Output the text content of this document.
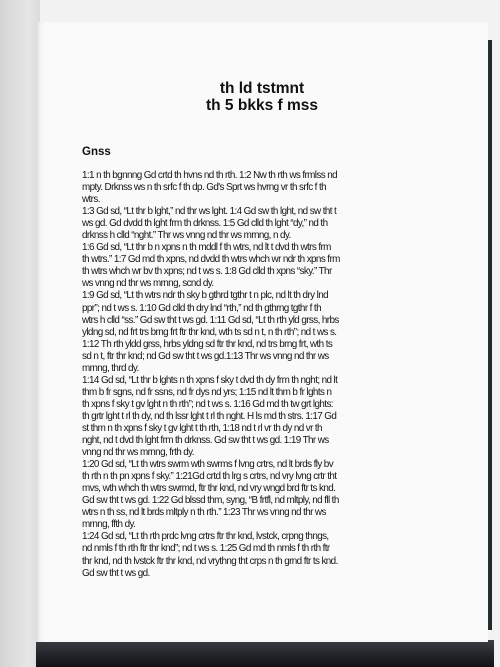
th ld tstmnt
th 5 bkks f mss
Gnss
1:1 n th bgnnng Gd crtd th hvns nd th rth. 1:2 Nw th rth ws frmlss nd
mpty. Drknss ws n th srfc f th dp. Gd's Sprt ws hvrng vr th srfc f th
wtrs.
1:3 Gd sd, “Lt thr b lght,” nd thr ws lght. 1:4 Gd sw th lght, nd sw tht t
ws gd. Gd dvdd th lght frm th drknss. 1:5 Gd clld th lght “dy,” nd th
drknss h clld “nght.” Thr ws vnng nd thr ws mrnng, n dy.
1:6 Gd sd, “Lt thr b n xpns n th mddl f th wtrs, nd lt t dvd th wtrs frm
th wtrs.” 1:7 Gd md th xpns, nd dvdd th wtrs whch wr ndr th xpns frm
th wtrs whch wr bv th xpns; nd t ws s. 1:8 Gd clld th xpns “sky.” Thr
ws vnng nd thr ws mrnng, scnd dy.
1:9 Gd sd, “Lt th wtrs ndr th sky b gthrd tgthr t n plc, nd lt th dry lnd
ppr”; nd t ws s. 1:10 Gd clld th dry lnd “rth,” nd th gthrng tgthr f th
wtrs h clld “ss.” Gd sw tht t ws gd. 1:11 Gd sd, “Lt th rth yld grss, hrbs
yldng sd, nd frt trs brng frt ftr thr knd, wth ts sd n t, n th rth”; nd t ws s.
1:12 Th rth yldd grss, hrbs yldng sd ftr thr knd, nd trs brng frt, wth ts
sd n t, ftr thr knd; nd Gd sw tht t ws gd.1:13 Thr ws vnng nd thr ws
mrnng, thrd dy.
1:14 Gd sd, “Lt thr b lghts n th xpns f sky t dvd th dy frm th nght; nd lt
thm b fr sgns, nd fr ssns, nd fr dys nd yrs; 1:15 nd lt thm b fr lghts n
th xpns f sky t gv lght n th rth”; nd t ws s. 1:16 Gd md th tw grt lghts:
th grtr lght t rl th dy, nd th lssr lght t rl th nght. H ls md th strs. 1:17 Gd
st thm n th xpns f sky t gv lght t th rth, 1:18 nd t rl vr th dy nd vr th
nght, nd t dvd th lght frm th drknss. Gd sw tht t ws gd. 1:19 Thr ws
vnng nd thr ws mrnng, frth dy.
1:20 Gd sd, “Lt th wtrs swrm wth swrms f lvng crtrs, nd lt brds fly bv
th rth n th pn xpns f sky.” 1:21Gd crtd th lrg s crtrs, nd vry lvng crtr tht
mvs, wth whch th wtrs swrmd, ftr thr knd, nd vry wngd brd ftr ts knd.
Gd sw tht t ws gd. 1:22 Gd blssd thm, syng, “B frtfl, nd mltply, nd fll th
wtrs n th ss, nd lt brds mltply n th rth.” 1:23 Thr ws vnng nd thr ws
mrnng, ffth dy.
1:24 Gd sd, “Lt th rth prdc lvng crtrs ftr thr knd, lvstck, crpng thngs,
nd nmls f th rth ftr thr knd”; nd t ws s. 1:25 Gd md th nmls f th rth ftr
thr knd, nd th lvstck ftr thr knd, nd vrythng tht crps n th grnd ftr ts knd.
Gd sw tht t ws gd.
